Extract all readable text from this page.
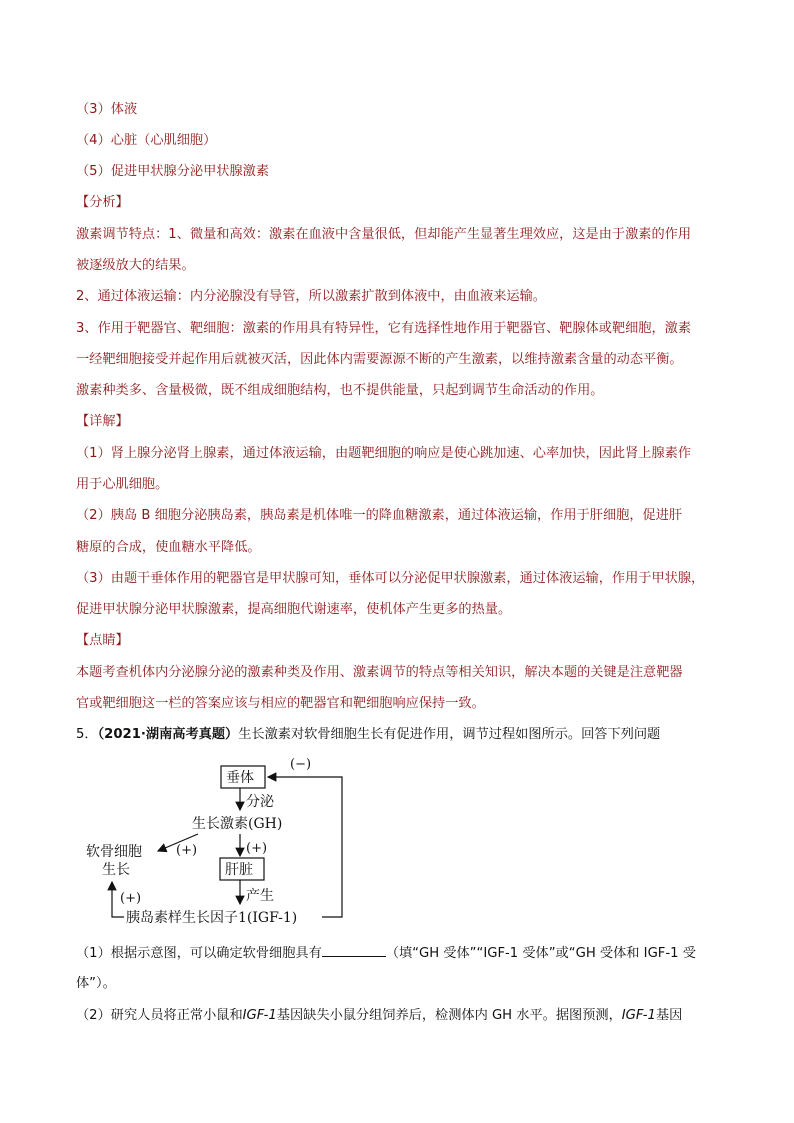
（3）体液

（4）心脏（心肌细胞）

（5）促进甲状腺分泌甲状腺激素

【分析】

激素调节特点：1、微量和高效：激素在血液中含量很低，但却能产生显著生理效应，这是由于激素的作用

被逐级放大的结果。

2、通过体液运输：内分泌腺没有导管，所以激素扩散到体液中，由血液来运输。

3、作用于靶器官、靶细胞：激素的作用具有特异性，它有选择性地作用于靶器官、靶腺体或靶细胞，激素

一经靶细胞接受并起作用后就被灭活，因此体内需要源源不断的产生激素，以维持激素含量的动态平衡。

激素种类多、含量极微，既不组成细胞结构，也不提供能量，只起到调节生命活动的作用。

【详解】

（1）肾上腺分泌肾上腺素，通过体液运输，由题靶细胞的响应是使心跳加速、心率加快，因此肾上腺素作

用于心肌细胞。

（2）胰岛 B 细胞分泌胰岛素，胰岛素是机体唯一的降血糖激素，通过体液运输，作用于肝细胞，促进肝

糖原的合成，使血糖水平降低。

（3）由题干垂体作用的靶器官是甲状腺可知，垂体可以分泌促甲状腺激素，通过体液运输，作用于甲状腺，

促进甲状腺分泌甲状腺激素，提高细胞代谢速率，使机体产生更多的热量。

【点睛】

本题考查机体内分泌腺分泌的激素种类及作用、激素调节的特点等相关知识，解决本题的关键是注意靶器

官或靶细胞这一栏的答案应该与相应的靶器官和靶细胞响应保持一致。

5．（2021·湖南高考真题）生长激素对软骨细胞生长有促进作用，调节过程如图所示。回答下列问题

垂体
(−)
分泌
生长激素(GH)
(+)
软骨细胞
生长
(+)
肝脏
产生
胰岛素样生长因子1(IGF-1)
(+)

（1）根据示意图，可以确定软骨细胞具有	（填“GH 受体”“IGF-1 受体”或“GH 受体和 IGF-1 受

体”）。

（2）研究人员将正常小鼠和IGF-1基因缺失小鼠分组饲养后，检测体内 GH 水平。据图预测，IGF-1基因
